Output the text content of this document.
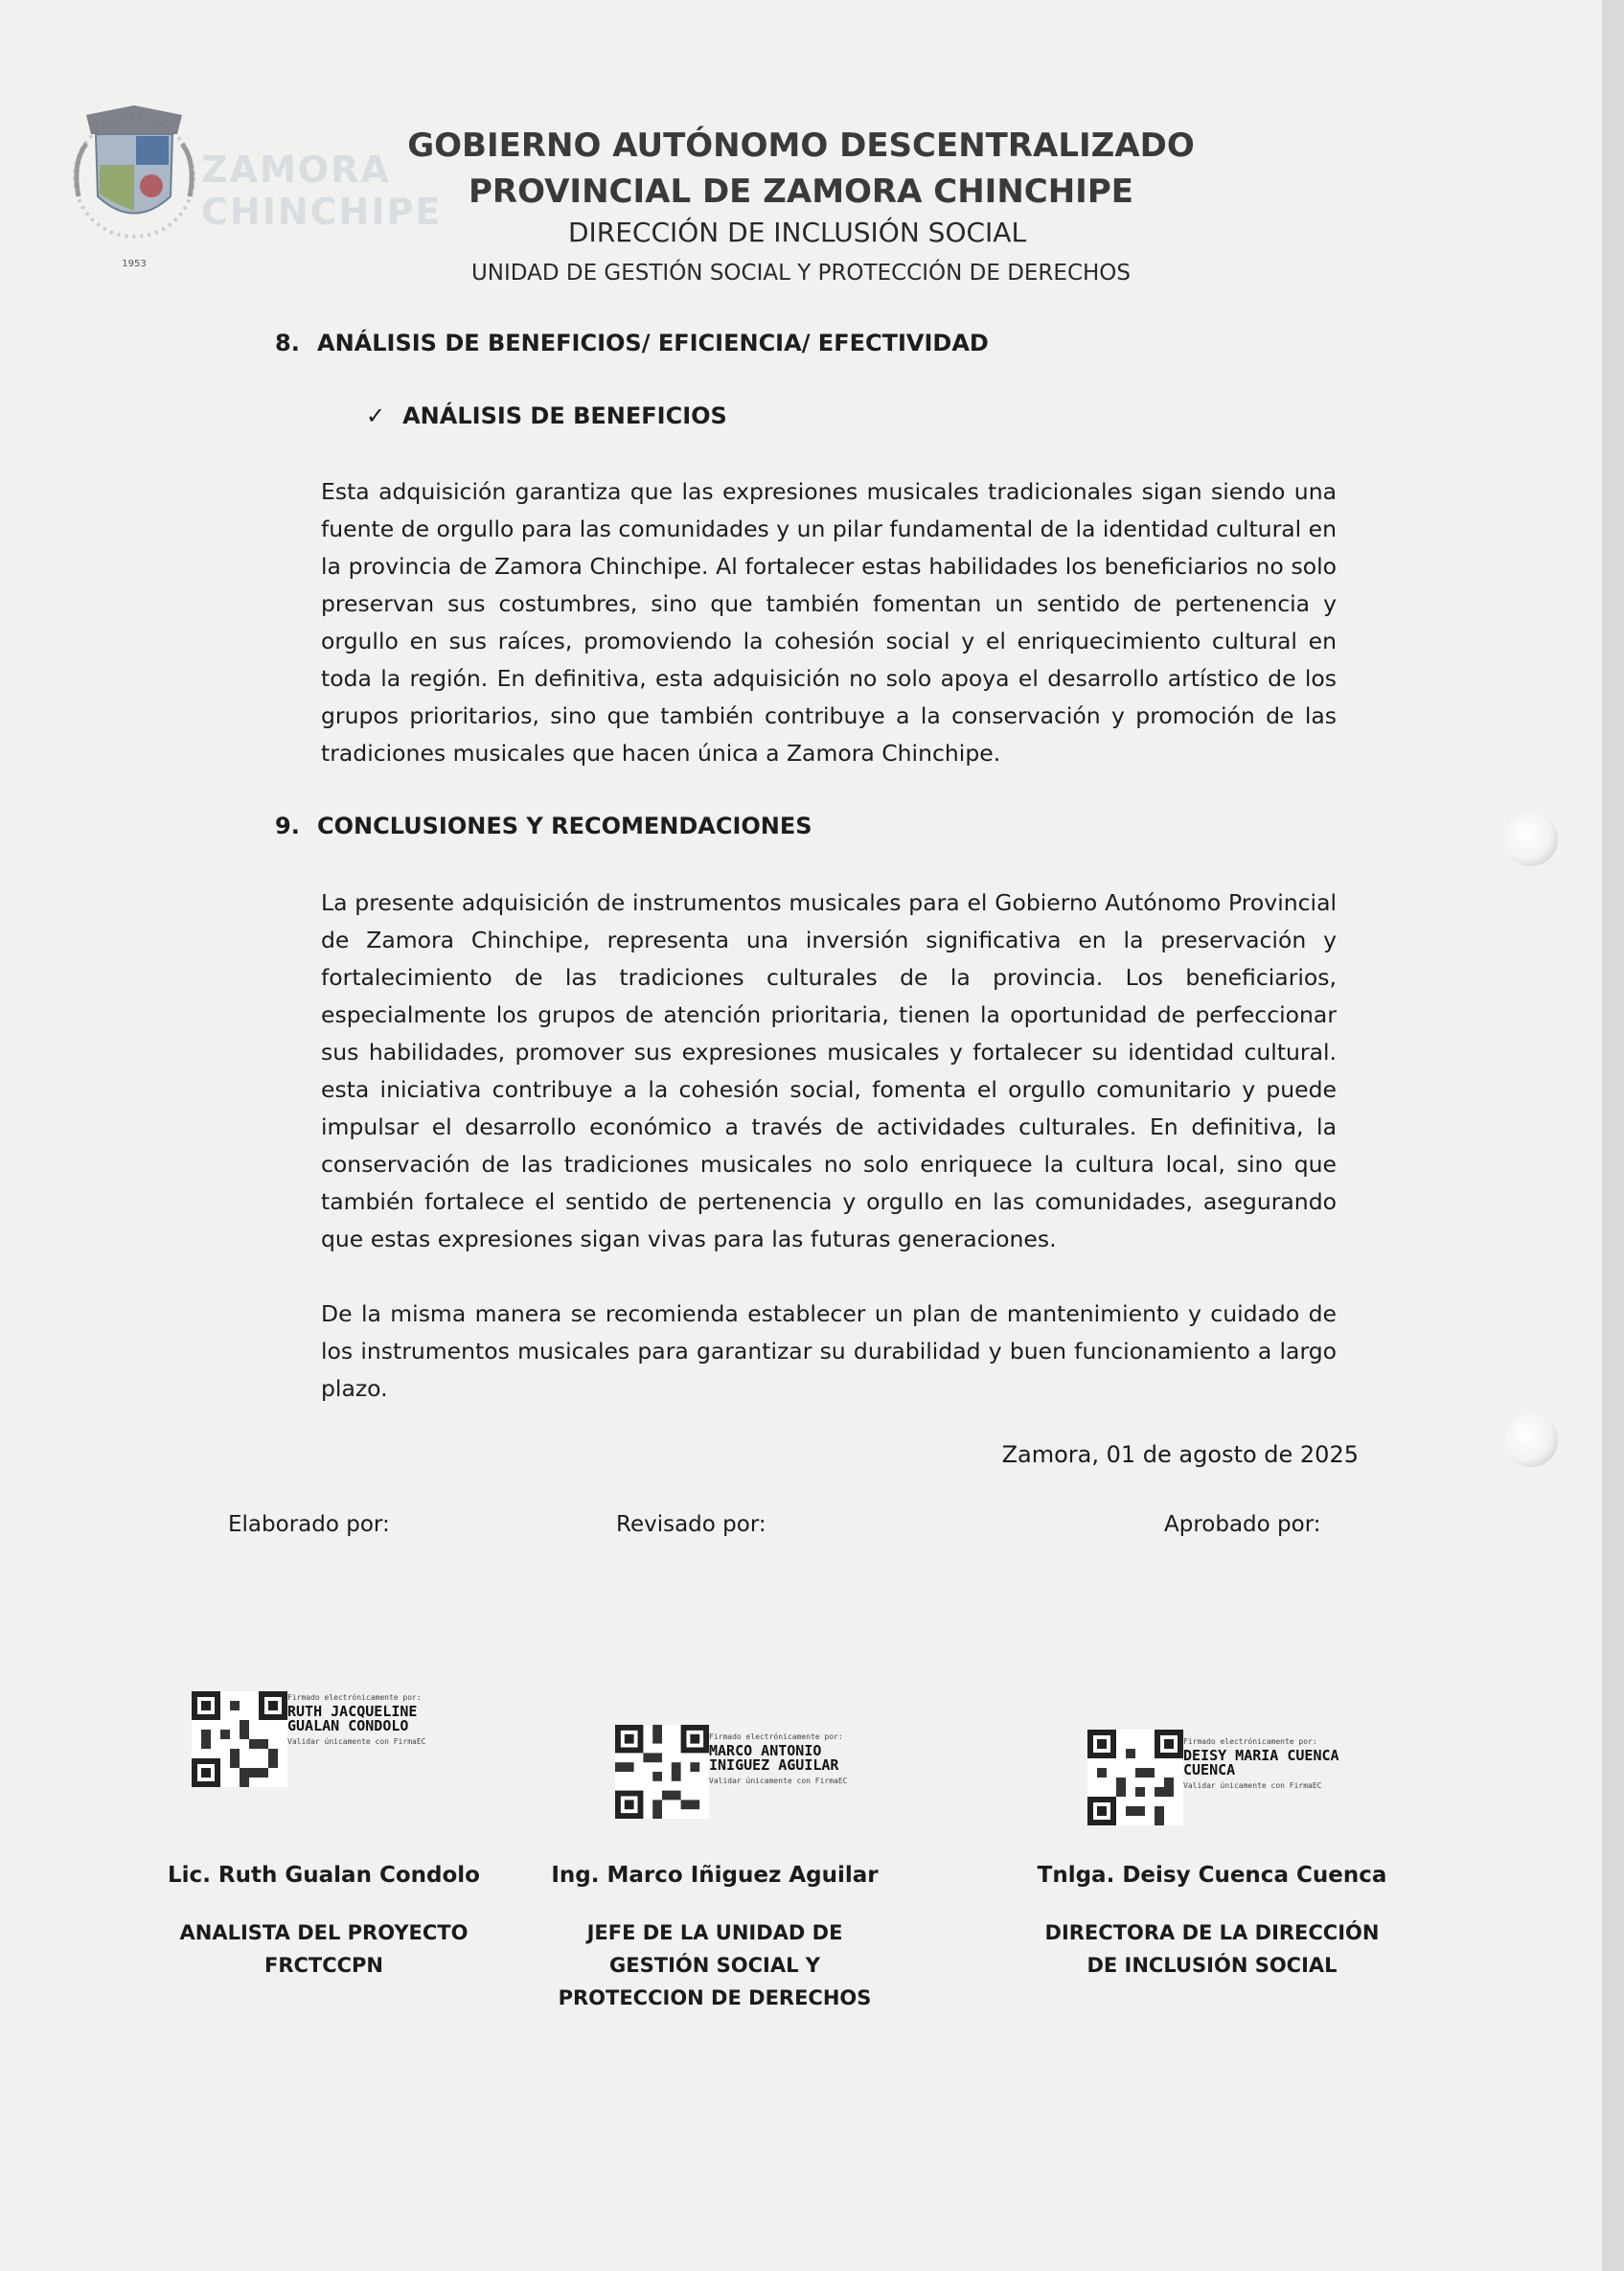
1953
ZAMORA
CHINCHIPE
GOBIERNO AUTÓNOMO DESCENTRALIZADO
PROVINCIAL DE ZAMORA CHINCHIPE
DIRECCIÓN DE INCLUSIÓN SOCIAL
UNIDAD DE GESTIÓN SOCIAL Y PROTECCIÓN DE DERECHOS
8. ANÁLISIS DE BENEFICIOS/ EFICIENCIA/ EFECTIVIDAD
✓ ANÁLISIS DE BENEFICIOS
Esta adquisición garantiza que las expresiones musicales tradicionales sigan siendo una fuente de orgullo para las comunidades y un pilar fundamental de la identidad cultural en la provincia de Zamora Chinchipe. Al fortalecer estas habilidades los beneficiarios no solo preservan sus costumbres, sino que también fomentan un sentido de pertenencia y orgullo en sus raíces, promoviendo la cohesión social y el enriquecimiento cultural en toda la región. En definitiva, esta adquisición no solo apoya el desarrollo artístico de los grupos prioritarios, sino que también contribuye a la conservación y promoción de las tradiciones musicales que hacen única a Zamora Chinchipe.
9. CONCLUSIONES Y RECOMENDACIONES
La presente adquisición de instrumentos musicales para el Gobierno Autónomo Provincial de Zamora Chinchipe, representa una inversión significativa en la preservación y fortalecimiento de las tradiciones culturales de la provincia. Los beneficiarios, especialmente los grupos de atención prioritaria, tienen la oportunidad de perfeccionar sus habilidades, promover sus expresiones musicales y fortalecer su identidad cultural. esta iniciativa contribuye a la cohesión social, fomenta el orgullo comunitario y puede impulsar el desarrollo económico a través de actividades culturales. En definitiva, la conservación de las tradiciones musicales no solo enriquece la cultura local, sino que también fortalece el sentido de pertenencia y orgullo en las comunidades, asegurando que estas expresiones sigan vivas para las futuras generaciones.
De la misma manera se recomienda establecer un plan de mantenimiento y cuidado de los instrumentos musicales para garantizar su durabilidad y buen funcionamiento a largo plazo.
Zamora, 01 de agosto de 2025
Elaborado por:	Revisado por:	Aprobado por:
Firmado electrónicamente por:
RUTH JACQUELINE
GUALAN CONDOLO
Validar únicamente con FirmaEC
Firmado electrónicamente por:
MARCO ANTONIO
INIGUEZ AGUILAR
Validar únicamente con FirmaEC
Firmado electrónicamente por:
DEISY MARIA CUENCA
CUENCA
Validar únicamente con FirmaEC
Lic. Ruth Gualan Condolo
ANALISTA DEL PROYECTO
FRCTCCPN
Ing. Marco Iñiguez Aguilar
JEFE DE LA UNIDAD DE
GESTIÓN SOCIAL Y
PROTECCION DE DERECHOS
Tnlga. Deisy Cuenca Cuenca
DIRECTORA DE LA DIRECCIÓN
DE INCLUSIÓN SOCIAL
